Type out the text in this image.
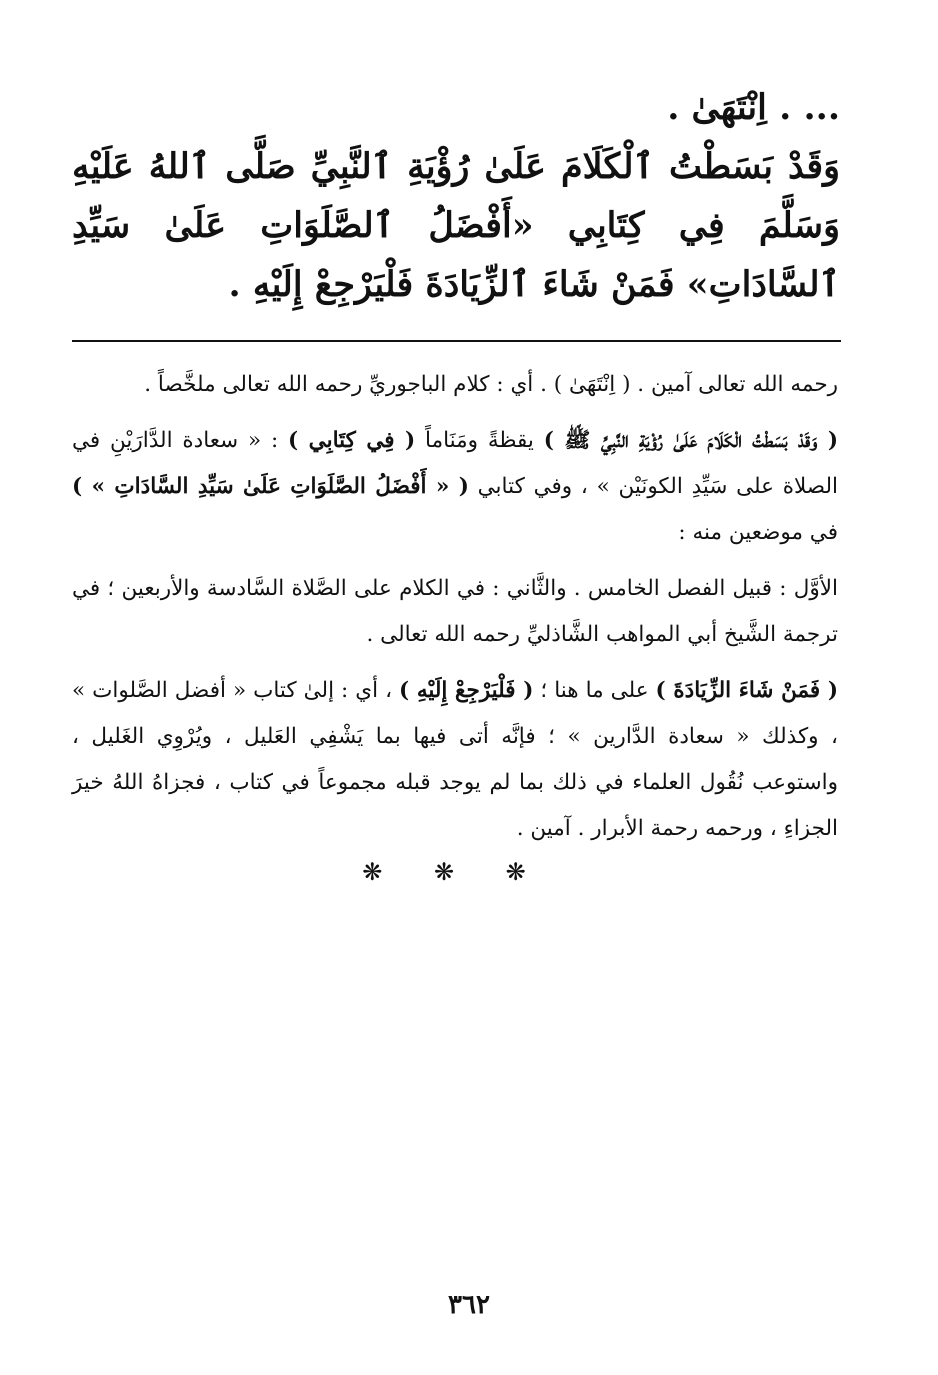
... . اِنْتَهَىٰ .

وَقَدْ بَسَطْتُ ٱلْكَلَامَ عَلَىٰ رُؤْيَةِ ٱلنَّبِيِّ صَلَّى ٱللهُ عَلَيْهِ وَسَلَّمَ فِي كِتَابِي «أَفْضَلُ ٱلصَّلَوَاتِ عَلَىٰ سَيِّدِ ٱلسَّادَاتِ» فَمَنْ شَاءَ ٱلزِّيَادَةَ فَلْيَرْجِعْ إِلَيْهِ .

رحمه الله تعالى آمين . ( اِنْتَهَىٰ ) . أي : كلام الباجوريِّ رحمه الله تعالى ملخَّصاً .

( وَقَدْ بَسَطْتُ الْكَلَامَ عَلَىٰ رُؤْيَةِ النَّبِيِّ ﷺ ) يقظةً ومَنَاماً ( فِي كِتَابِي ) : « سعادة الدَّارَيْنِ في الصلاة على سَيِّدِ الكونَيْن » ، وفي كتابي ( « أَفْضَلُ الصَّلَوَاتِ عَلَىٰ سَيِّدِ السَّادَاتِ » ) في موضعين منه :

الأوَّل : قبيل الفصل الخامس . والثَّاني : في الكلام على الصَّلاة السَّادسة والأربعين ؛ في ترجمة الشَّيخ أبي المواهب الشَّاذليِّ رحمه الله تعالى .

( فَمَنْ شَاءَ الزِّيَادَةَ ) على ما هنا ؛ ( فَلْيَرْجِعْ إِلَيْهِ ) ، أي : إلىٰ كتاب « أفضل الصَّلوات » ، وكذلك « سعادة الدَّارين » ؛ فإنَّه أتى فيها بما يَشْفِي العَليل ، ويُرْوِي الغَليل ، واستوعب نُقُول العلماء في ذلك بما لم يوجد قبله مجموعاً في كتاب ، فجزاهُ اللهُ خيرَ الجزاءِ ، ورحمه رحمة الأبرار . آمين .

❋ ❋ ❋
٣٦٢
